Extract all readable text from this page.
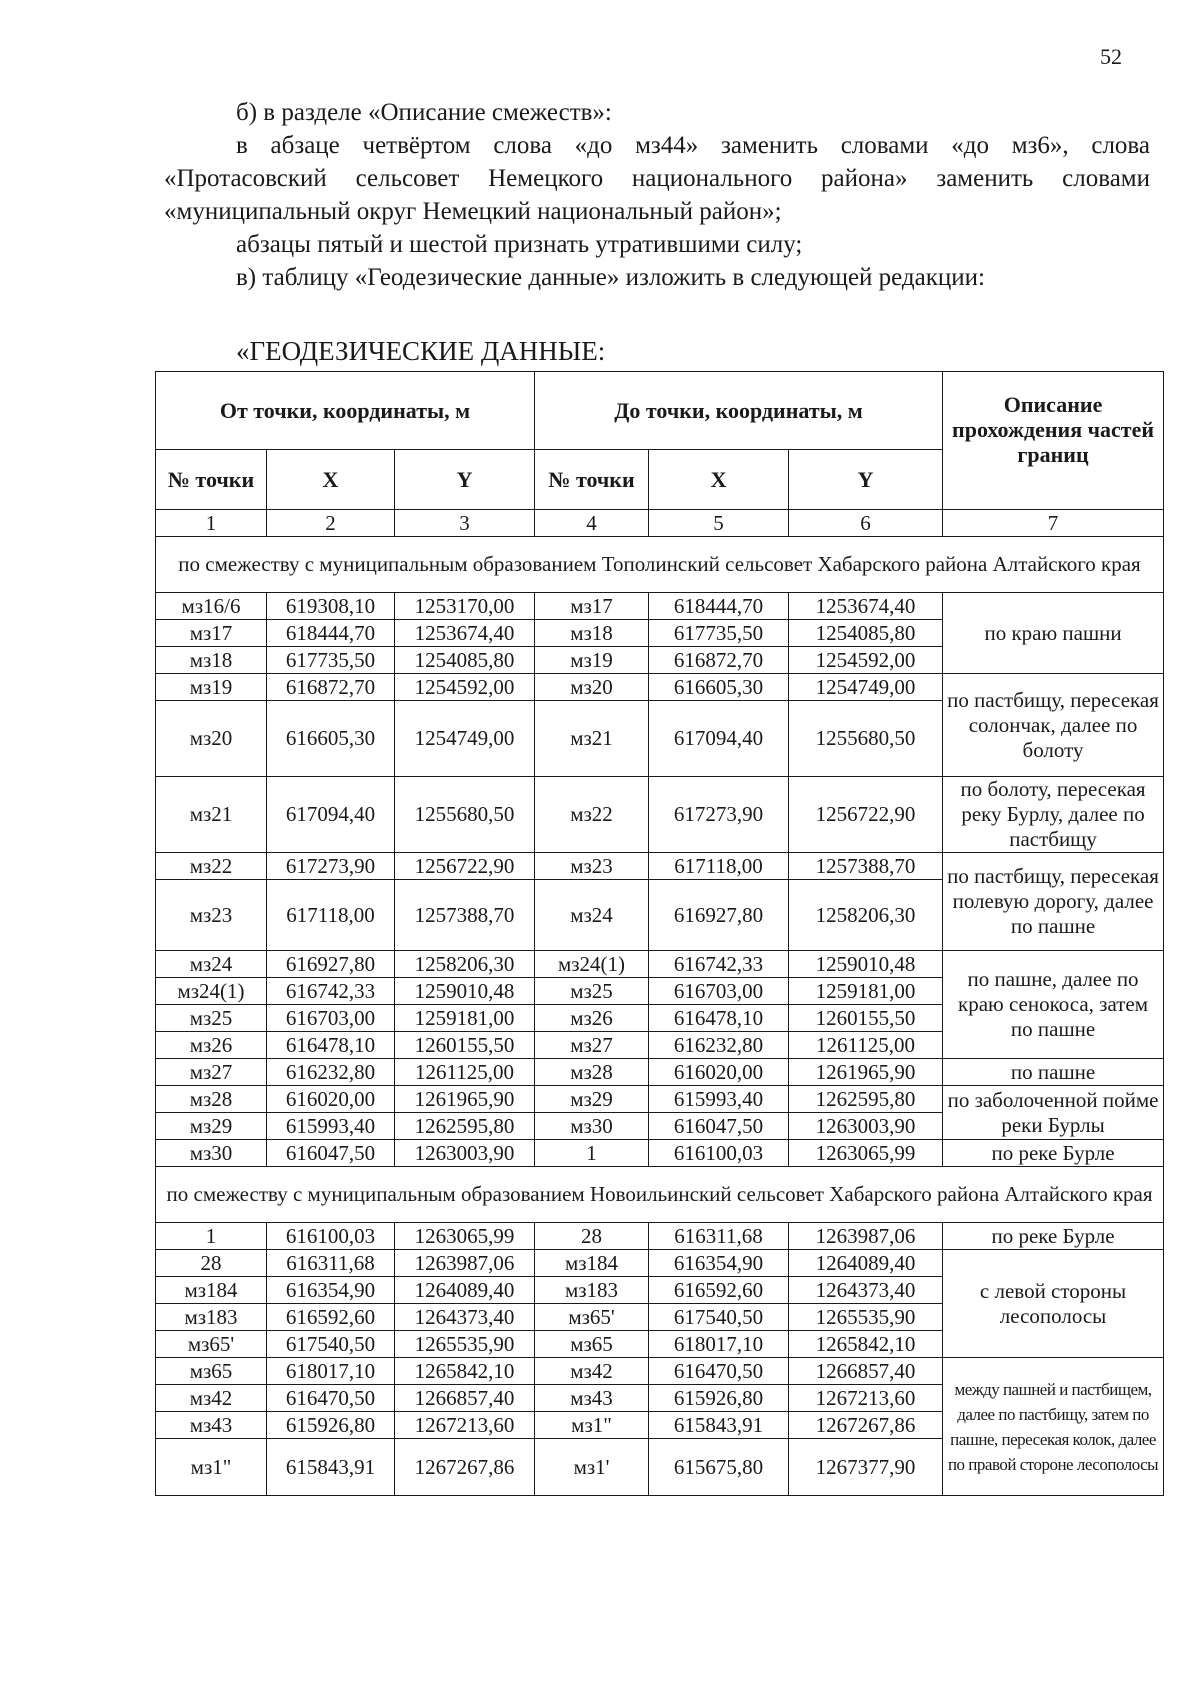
52

б) в разделе «Описание смежеств»:

в абзаце четвёртом слова «до мз44» заменить словами «до мз6», слова «Протасовский сельсовет Немецкого национального района» заменить словами «муниципальный округ Немецкий национальный район»;

абзацы пятый и шестой признать утратившими силу;

в) таблицу «Геодезические данные» изложить в следующей редакции:

«ГЕОДЕЗИЧЕСКИЕ ДАННЫЕ:
От точки, координаты, м			До точки, координаты, м			Описание прохождения частей границ
№ точки	X	Y	№ точки	X	Y	
1	2	3	4	5	6	7
по смежеству с муниципальным образованием Тополинский сельсовет Хабарского района Алтайского края						
мз16/6	619308,10	1253170,00	мз17	618444,70	1253674,40	по краю пашни
мз17	618444,70	1253674,40	мз18	617735,50	1254085,80	
мз18	617735,50	1254085,80	мз19	616872,70	1254592,00	
мз19	616872,70	1254592,00	мз20	616605,30	1254749,00	по пастбищу, пересекая солончак, далее по болоту
мз20	616605,30	1254749,00	мз21	617094,40	1255680,50	
мз21	617094,40	1255680,50	мз22	617273,90	1256722,90	по болоту, пересекая реку Бурлу, далее по пастбищу
мз22	617273,90	1256722,90	мз23	617118,00	1257388,70	по пастбищу, пересекая полевую дорогу, далее по пашне
мз23	617118,00	1257388,70	мз24	616927,80	1258206,30	
мз24	616927,80	1258206,30	мз24(1)	616742,33	1259010,48	по пашне, далее по краю сенокоса, затем по пашне
мз24(1)	616742,33	1259010,48	мз25	616703,00	1259181,00	
мз25	616703,00	1259181,00	мз26	616478,10	1260155,50	
мз26	616478,10	1260155,50	мз27	616232,80	1261125,00	
мз27	616232,80	1261125,00	мз28	616020,00	1261965,90	по пашне
мз28	616020,00	1261965,90	мз29	615993,40	1262595,80	по заболоченной пойме реки Бурлы
мз29	615993,40	1262595,80	мз30	616047,50	1263003,90	
мз30	616047,50	1263003,90	1	616100,03	1263065,99	по реке Бурле
по смежеству с муниципальным образованием Новоильинский сельсовет Хабарского района Алтайского края						
1	616100,03	1263065,99	28	616311,68	1263987,06	по реке Бурле
28	616311,68	1263987,06	мз184	616354,90	1264089,40	с левой стороны лесополосы
мз184	616354,90	1264089,40	мз183	616592,60	1264373,40	
мз183	616592,60	1264373,40	мз65'	617540,50	1265535,90	
мз65'	617540,50	1265535,90	мз65	618017,10	1265842,10	
мз65	618017,10	1265842,10	мз42	616470,50	1266857,40	между пашней и пастбищем, далее по пастбищу, затем по пашне, пересекая колок, далее по правой стороне лесополосы
мз42	616470,50	1266857,40	мз43	615926,80	1267213,60	
мз43	615926,80	1267213,60	мз1"	615843,91	1267267,86	
мз1"	615843,91	1267267,86	мз1'	615675,80	1267377,90	
